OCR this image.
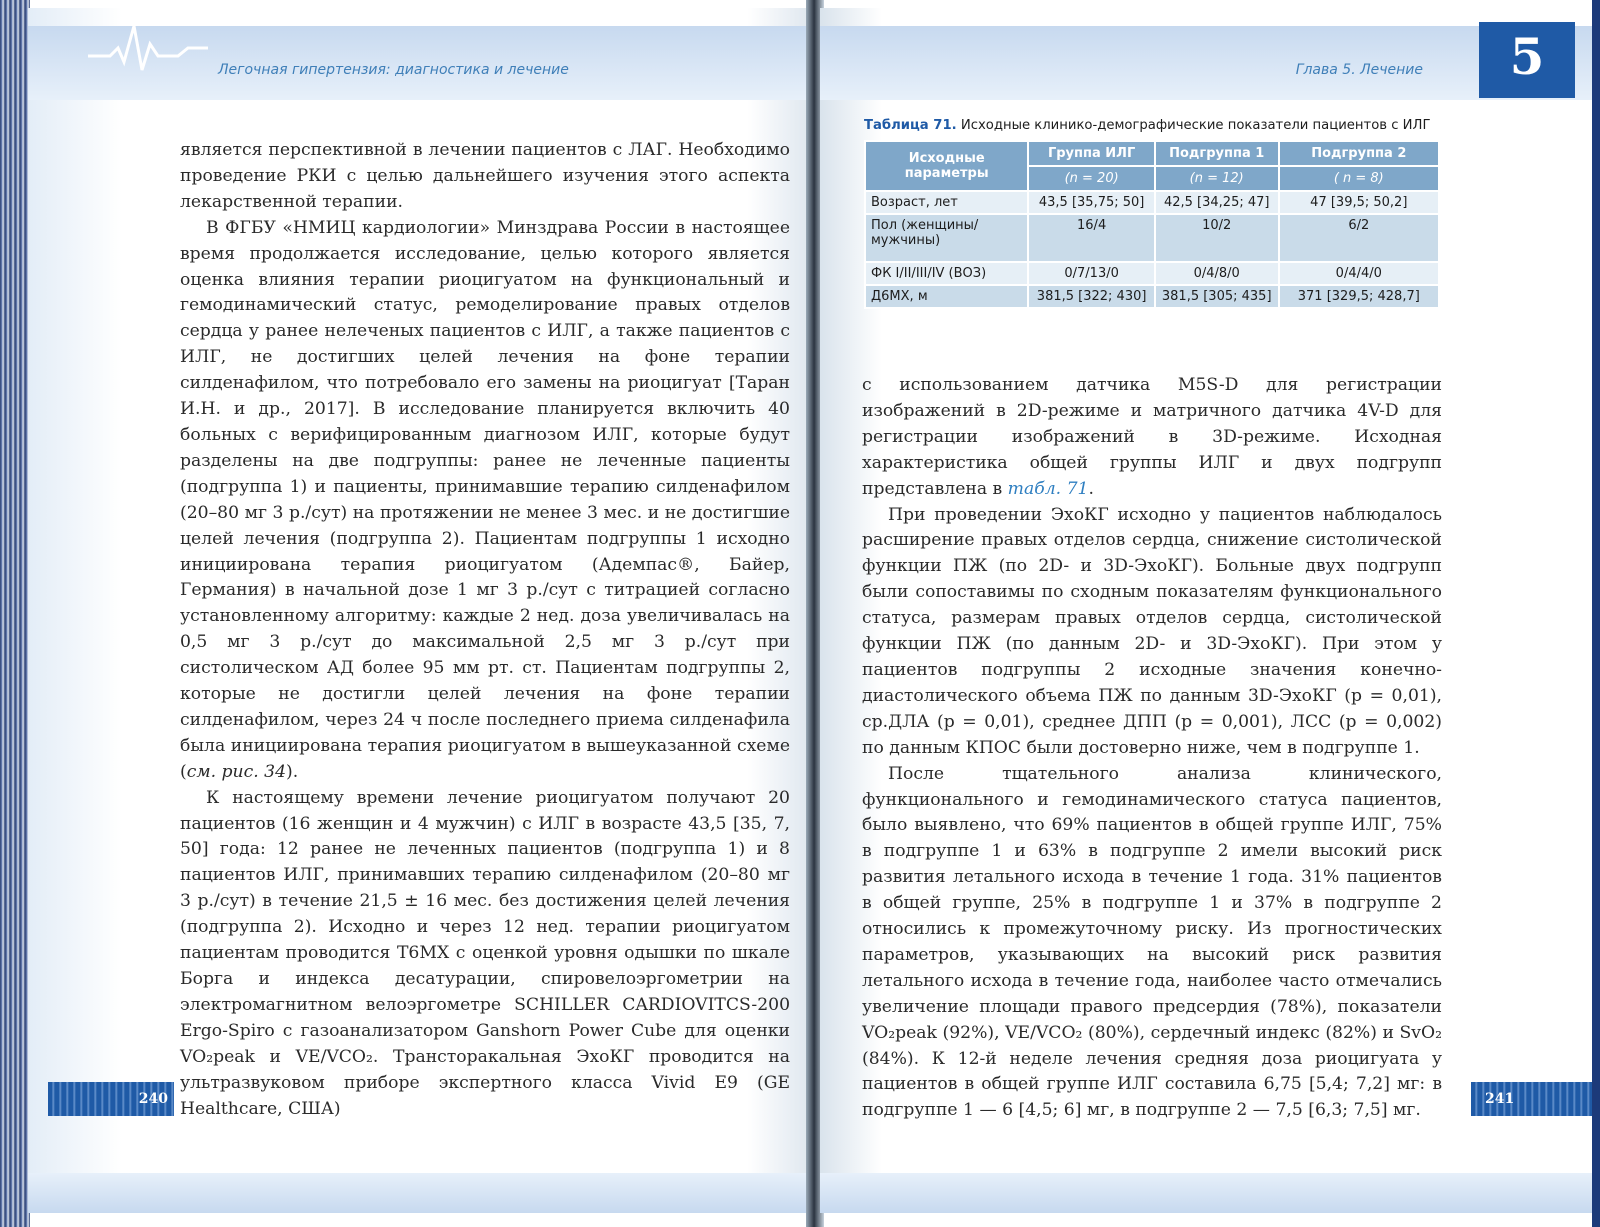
Легочная гипертензия: диагностика и лечение

является перспективной в лечении пациентов с ЛАГ. Необходимо проведение РКИ с целью дальнейшего изучения этого аспекта лекарственной терапии.

В ФГБУ «НМИЦ кардиологии» Минздрава России в настоящее время продолжается исследование, целью которого является оценка влияния терапии риоцигуатом на функциональный и гемодинамический статус, ремоделирование правых отделов сердца у ранее нелеченых пациентов с ИЛГ, а также пациентов с ИЛГ, не достигших целей лечения на фоне терапии силденафилом, что потребовало его замены на риоцигуат [Таран И.Н. и др., 2017]. В исследование планируется включить 40 больных с верифицированным диагнозом ИЛГ, которые будут разделены на две подгруппы: ранее не леченные пациенты (подгруппа 1) и пациенты, принимавшие терапию силденафилом (20–80 мг 3 р./сут) на протяжении не менее 3 мес. и не достигшие целей лечения (подгруппа 2). Пациентам подгруппы 1 исходно инициирована терапия риоцигуатом (Адемпас®, Байер, Германия) в начальной дозе 1 мг 3 р./сут с титрацией согласно установленному алгоритму: каждые 2 нед. доза увеличивалась на 0,5 мг 3 р./сут до максимальной 2,5 мг 3 р./сут при систолическом АД более 95 мм рт. ст. Пациентам подгруппы 2, которые не достигли целей лечения на фоне терапии силденафилом, через 24 ч после последнего приема силденафила была инициирована терапия риоцигуатом в вышеуказанной схеме (см. рис. 34).

К настоящему времени лечение риоцигуатом получают 20 пациентов (16 женщин и 4 мужчин) с ИЛГ в возрасте 43,5 [35, 7, 50] года: 12 ранее не леченных пациентов (подгруппа 1) и 8 пациентов ИЛГ, принимавших терапию силденафилом (20–80 мг 3 р./сут) в течение 21,5 ± 16 мес. без достижения целей лечения (подгруппа 2). Исходно и через 12 нед. терапии риоцигуатом пациентам проводится Т6МХ с оценкой уровня одышки по шкале Борга и индекса десатурации, спировелоэргометрии на электромагнитном велоэргометре SCHILLER CARDIOVITCS-200 Ergo-Spiro с газоанализатором Ganshorn Power Cube для оценки VO₂peak и VE/VCO₂. Трансторакальная ЭхоКГ проводится на ультразвуковом приборе экспертного класса Vivid E9 (GE Healthcare, США)

240
Глава 5. Лечение	5
Таблица 71. Исходные клинико-демографические показатели пациентов с ИЛГ
Исходные параметры	Группа ИЛГ	Подгруппа 1	Подгруппа 2
	(n = 20)	(n = 12)	( n = 8)
Возраст, лет	43,5 [35,75; 50]	42,5 [34,25; 47]	47 [39,5; 50,2]
Пол (женщины/мужчины)	16/4	10/2	6/2
ФК I/II/III/IV (ВОЗ)	0/7/13/0	0/4/8/0	0/4/4/0
Д6МХ, м	381,5 [322; 430]	381,5 [305; 435]	371 [329,5; 428,7]

с использованием датчика M5S-D для регистрации изображений в 2D-режиме и матричного датчика 4V-D для регистрации изображений в 3D-режиме. Исходная характеристика общей группы ИЛГ и двух подгрупп представлена в табл. 71.

При проведении ЭхоКГ исходно у пациентов наблюдалось расширение правых отделов сердца, снижение систолической функции ПЖ (по 2D- и 3D-ЭхоКГ). Больные двух подгрупп были сопоставимы по сходным показателям функционального статуса, размерам правых отделов сердца, систолической функции ПЖ (по данным 2D- и 3D-ЭхоКГ). При этом у пациентов подгруппы 2 исходные значения конечно-диастолического объема ПЖ по данным 3D-ЭхоКГ (p = 0,01), ср.ДЛА (p = 0,01), среднее ДПП (p = 0,001), ЛСС (p = 0,002) по данным КПОС были достоверно ниже, чем в подгруппе 1.

После тщательного анализа клинического, функционального и гемодинамического статуса пациентов, было выявлено, что 69% пациентов в общей группе ИЛГ, 75% в подгруппе 1 и 63% в подгруппе 2 имели высокий риск развития летального исхода в течение 1 года. 31% пациентов в общей группе, 25% в подгруппе 1 и 37% в подгруппе 2 относились к промежуточному риску. Из прогностических параметров, указывающих на высокий риск развития летального исхода в течение года, наиболее часто отмечались увеличение площади правого предсердия (78%), показатели VO₂peak (92%), VE/VCO₂ (80%), сердечный индекс (82%) и SvO₂ (84%). К 12-й неделе лечения средняя доза риоцигуата у пациентов в общей группе ИЛГ составила 6,75 [5,4; 7,2] мг: в подгруппе 1 — 6 [4,5; 6] мг, в подгруппе 2 — 7,5 [6,3; 7,5] мг.

241
